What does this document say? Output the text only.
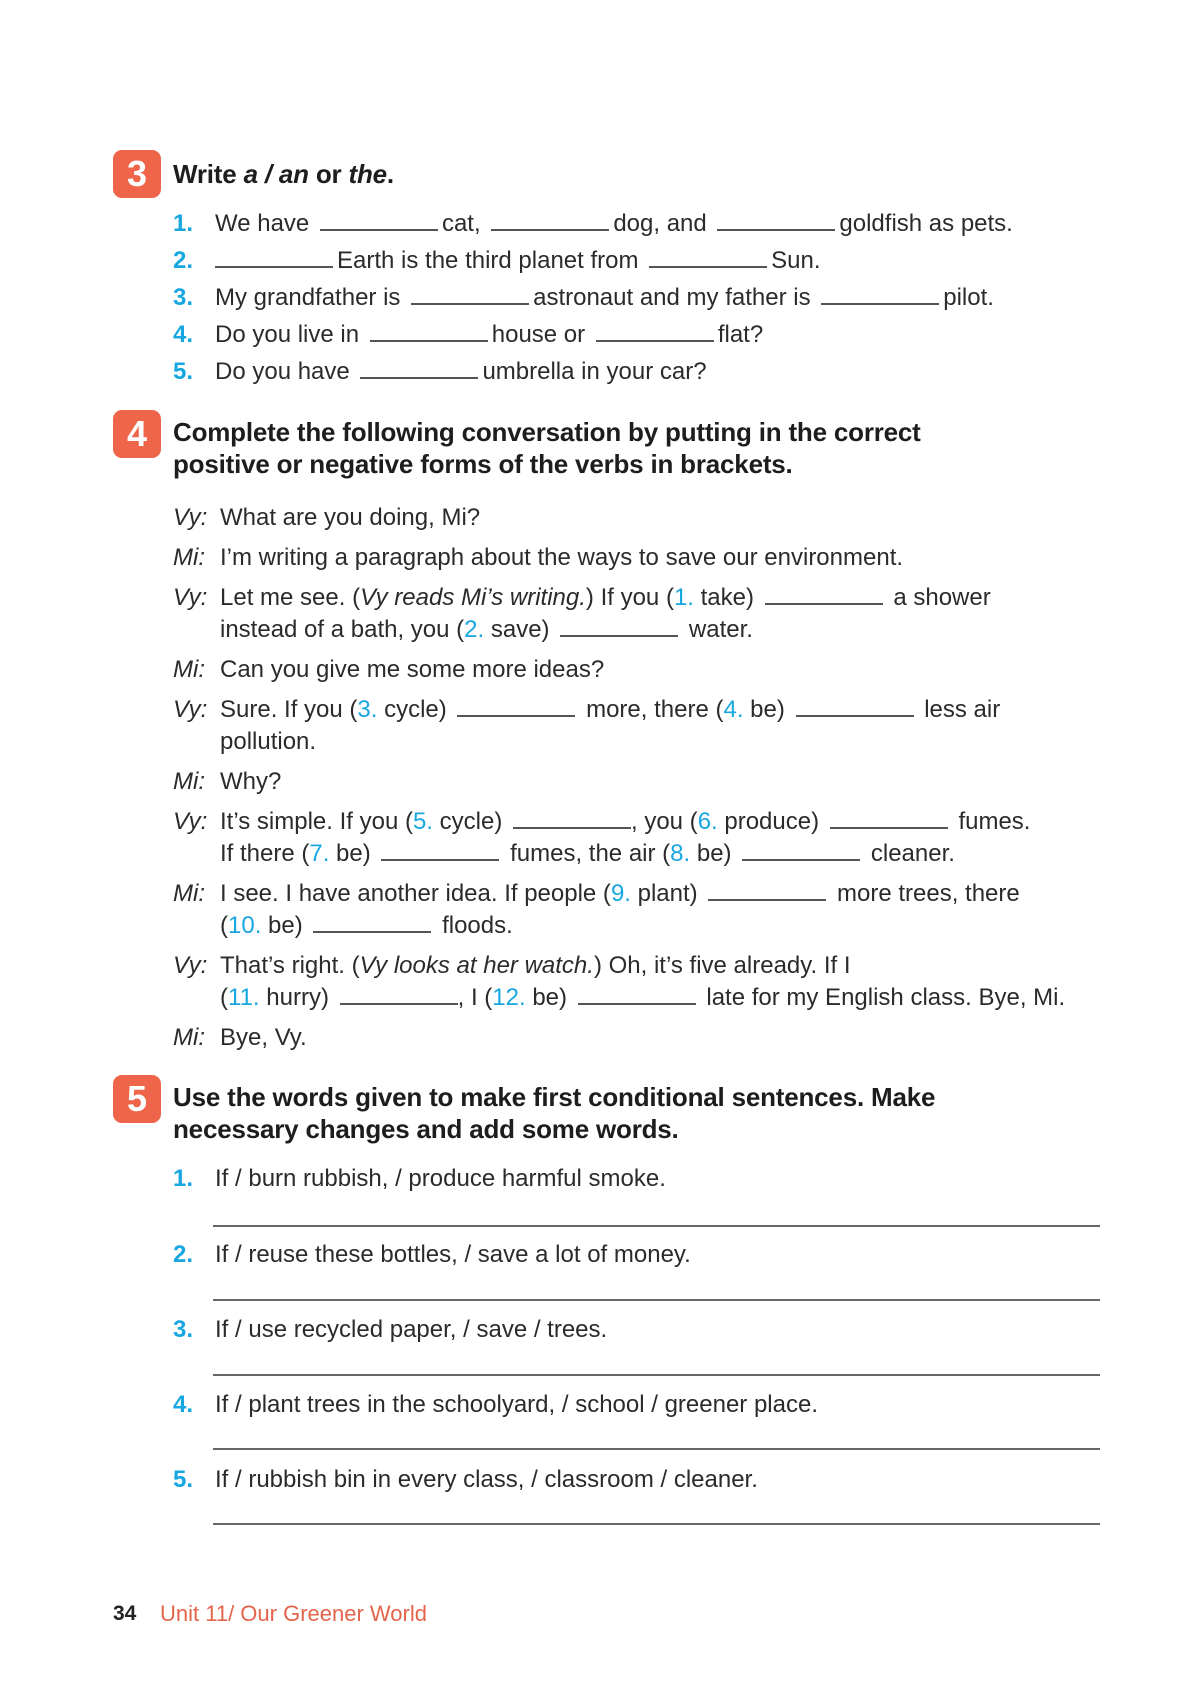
3 Write a / an or the.
1. We have	cat,	dog, and	goldfish as pets.
2.	Earth is the third planet from	Sun.
3. My grandfather is	astronaut and my father is	pilot.
4. Do you live in	house or	flat?
5. Do you have	umbrella in your car?
4 Complete the following conversation by putting in the correct
positive or negative forms of the verbs in brackets.
Vy: What are you doing, Mi?
Mi: I’m writing a paragraph about the ways to save our environment.
Vy: Let me see. (Vy reads Mi’s writing.) If you (1. take)	a shower
instead of a bath, you (2. save)	water.
Mi: Can you give me some more ideas?
Vy: Sure. If you (3. cycle)	more, there (4. be)	less air
pollution.
Mi: Why?
Vy: It’s simple. If you (5. cycle)	, you (6. produce)	fumes.
If there (7. be)	fumes, the air (8. be)	cleaner.
Mi: I see. I have another idea. If people (9. plant)	more trees, there
(10. be)	floods.
Vy: That’s right. (Vy looks at her watch.) Oh, it’s five already. If I
(11. hurry)	, I (12. be)	late for my English class. Bye, Mi.
Mi: Bye, Vy.
5 Use the words given to make first conditional sentences. Make
necessary changes and add some words.
1. If / burn rubbish, / produce harmful smoke.
2. If / reuse these bottles, / save a lot of money.
3. If / use recycled paper, / save / trees.
4. If / plant trees in the schoolyard, / school / greener place.
5. If / rubbish bin in every class, / classroom / cleaner.
34 Unit 11/ Our Greener World
